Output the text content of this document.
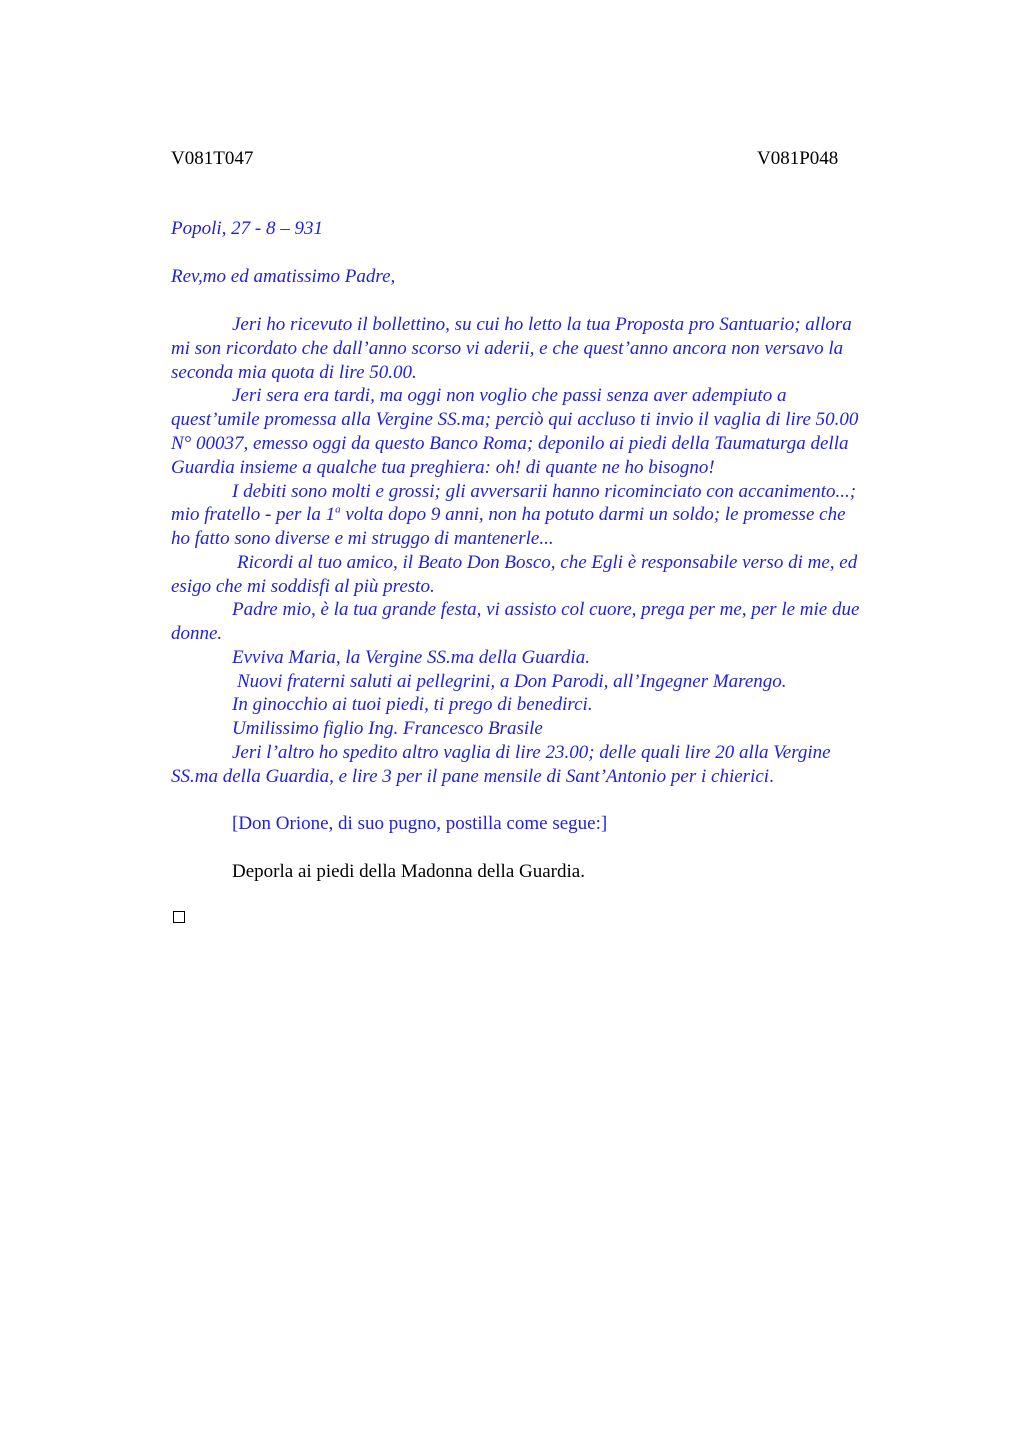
V081T047	V081P048
Popoli, 27 - 8 – 931
Rev,mo ed amatissimo Padre,
Jeri ho ricevuto il bollettino, su cui ho letto la tua Proposta pro Santuario; allora
mi son ricordato che dall’anno scorso vi aderii, e che quest’anno ancora non versavo la
seconda mia quota di lire 50.00.
Jeri sera era tardi, ma oggi non voglio che passi senza aver adempiuto a
quest’umile promessa alla Vergine SS.ma; perciò qui accluso ti invio il vaglia di lire 50.00
N° 00037, emesso oggi da questo Banco Roma; deponilo ai piedi della Taumaturga della
Guardia insieme a qualche tua preghiera: oh! di quante ne ho bisogno!
I debiti sono molti e grossi; gli avversarii hanno ricominciato con accanimento...;
mio fratello - per la 1$^a$ volta dopo 9 anni, non ha potuto darmi un soldo; le promesse che
ho fatto sono diverse e mi struggo di mantenerle...
Ricordi al tuo amico, il Beato Don Bosco, che Egli è responsabile verso di me, ed
esigo che mi soddisfi al più presto.
Padre mio, è la tua grande festa, vi assisto col cuore, prega per me, per le mie due
donne.
Evviva Maria, la Vergine SS.ma della Guardia.
Nuovi fraterni saluti ai pellegrini, a Don Parodi, all’Ingegner Marengo.
In ginocchio ai tuoi piedi, ti prego di benedirci.
Umilissimo figlio Ing. Francesco Brasile
Jeri l’altro ho spedito altro vaglia di lire 23.00; delle quali lire 20 alla Vergine
SS.ma della Guardia, e lire 3 per il pane mensile di Sant’Antonio per i chierici.
[Don Orione, di suo pugno, postilla come segue:]
Deporla ai piedi della Madonna della Guardia.
